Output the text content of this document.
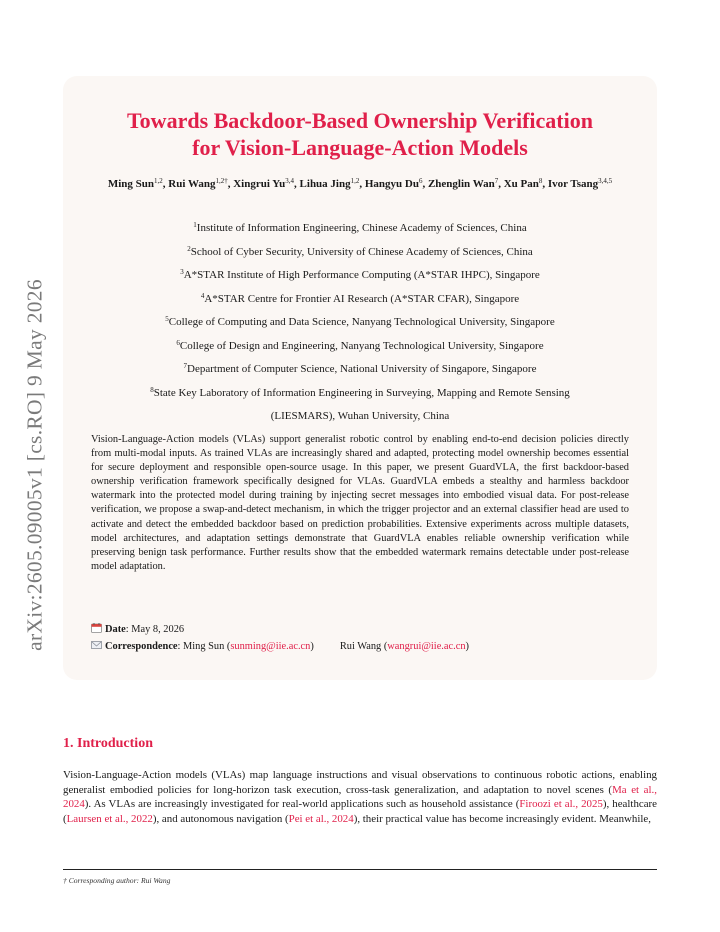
arXiv:2605.09005v1 [cs.RO] 9 May 2026
Towards Backdoor-Based Ownership Verification
for Vision-Language-Action Models
Ming Sun$^{1,2}$, Rui Wang$^{1,2\dagger}$, Xingrui Yu$^{3,4}$, Lihua Jing$^{1,2}$, Hangyu Du$^6$, Zhenglin Wan$^7$, Xu Pan$^8$, Ivor Tsang$^{3,4,5}$
$^1$Institute of Information Engineering, Chinese Academy of Sciences, China
$^2$School of Cyber Security, University of Chinese Academy of Sciences, China
$^3$A*STAR Institute of High Performance Computing (A*STAR IHPC), Singapore
$^4$A*STAR Centre for Frontier AI Research (A*STAR CFAR), Singapore
$^5$College of Computing and Data Science, Nanyang Technological University, Singapore
$^6$College of Design and Engineering, Nanyang Technological University, Singapore
$^7$Department of Computer Science, National University of Singapore, Singapore
$^8$State Key Laboratory of Information Engineering in Surveying, Mapping and Remote Sensing
(LIESMARS), Wuhan University, China
Vision-Language-Action models (VLAs) support generalist robotic control by enabling end-to-end decision policies directly from multi-modal inputs. As trained VLAs are increasingly shared and adapted, protecting model ownership becomes essential for secure deployment and responsible open-source usage. In this paper, we present GuardVLA, the first backdoor-based ownership verification framework specifically designed for VLAs. GuardVLA embeds a stealthy and harmless backdoor watermark into the protected model during training by injecting secret messages into embodied visual data. For post-release verification, we propose a swap-and-detect mechanism, in which the trigger projector and an external classifier head are used to activate and detect the embedded backdoor based on prediction probabilities. Extensive experiments across multiple datasets, model architectures, and adaptation settings demonstrate that GuardVLA enables reliable ownership verification while preserving benign task performance. Further results show that the embedded watermark remains detectable under post-release model adaptation.
Date: May 8, 2026
Correspondence: Ming Sun (sunming@iie.ac.cn)	Rui Wang (wangrui@iie.ac.cn)
1. Introduction
Vision-Language-Action models (VLAs) map language instructions and visual observations to continuous robotic actions, enabling generalist embodied policies for long-horizon task execution, cross-task generalization, and adaptation to novel scenes (Ma et al., 2024). As VLAs are increasingly investigated for real-world applications such as household assistance (Firoozi et al., 2025), healthcare (Laursen et al., 2022), and autonomous navigation (Pei et al., 2024), their practical value has become increasingly evident. Meanwhile,
† Corresponding author: Rui Wang
